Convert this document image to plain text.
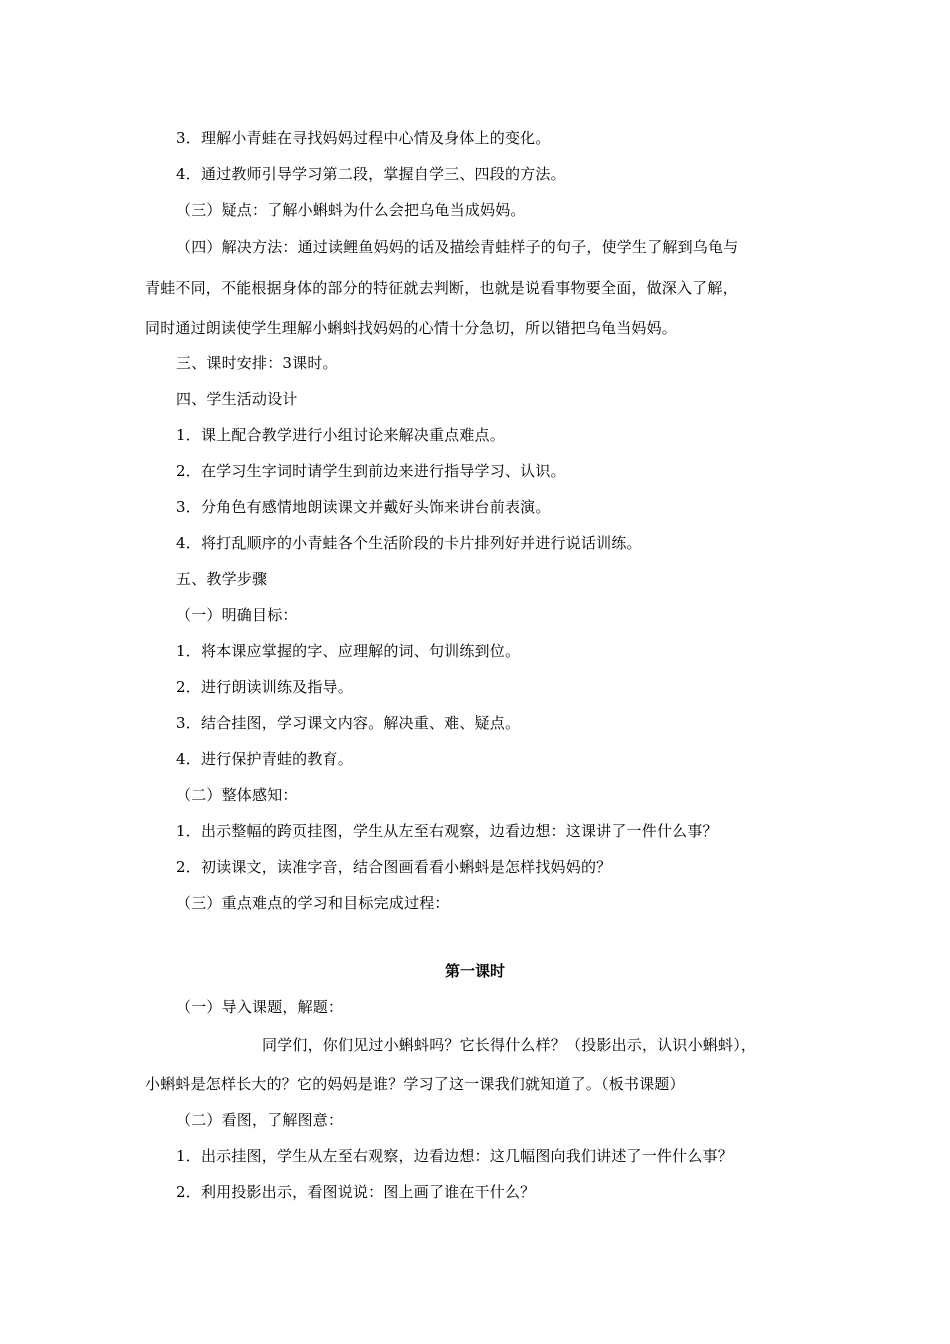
3．理解小青蛙在寻找妈妈过程中心情及身体上的变化。
4．通过教师引导学习第二段，掌握自学三、四段的方法。
（三）疑点：了解小蝌蚪为什么会把乌龟当成妈妈。
（四）解决方法：通过读鲤鱼妈妈的话及描绘青蛙样子的句子，使学生了解到乌龟与
青蛙不同，不能根据身体的部分的特征就去判断，也就是说看事物要全面，做深入了解，
同时通过朗读使学生理解小蝌蚪找妈妈的心情十分急切，所以错把乌龟当妈妈。
三、课时安排：3课时。
四、学生活动设计
1．课上配合教学进行小组讨论来解决重点难点。
2．在学习生字词时请学生到前边来进行指导学习、认识。
3．分角色有感情地朗读课文并戴好头饰来讲台前表演。
4．将打乱顺序的小青蛙各个生活阶段的卡片排列好并进行说话训练。
五、教学步骤
（一）明确目标：
1．将本课应掌握的字、应理解的词、句训练到位。
2．进行朗读训练及指导。
3．结合挂图，学习课文内容。解决重、难、疑点。
4．进行保护青蛙的教育。
（二）整体感知：
1．出示整幅的跨页挂图，学生从左至右观察，边看边想：这课讲了一件什么事？
2．初读课文，读准字音，结合图画看看小蝌蚪是怎样找妈妈的？
（三）重点难点的学习和目标完成过程：
第一课时
（一）导入课题，解题：
同学们，你们见过小蝌蚪吗？它长得什么样？（投影出示，认识小蝌蚪），
小蝌蚪是怎样长大的？它的妈妈是谁？学习了这一课我们就知道了。（板书课题）
（二）看图，了解图意：
1．出示挂图，学生从左至右观察，边看边想：这几幅图向我们讲述了一件什么事？
2．利用投影出示，看图说说：图上画了谁在干什么？
